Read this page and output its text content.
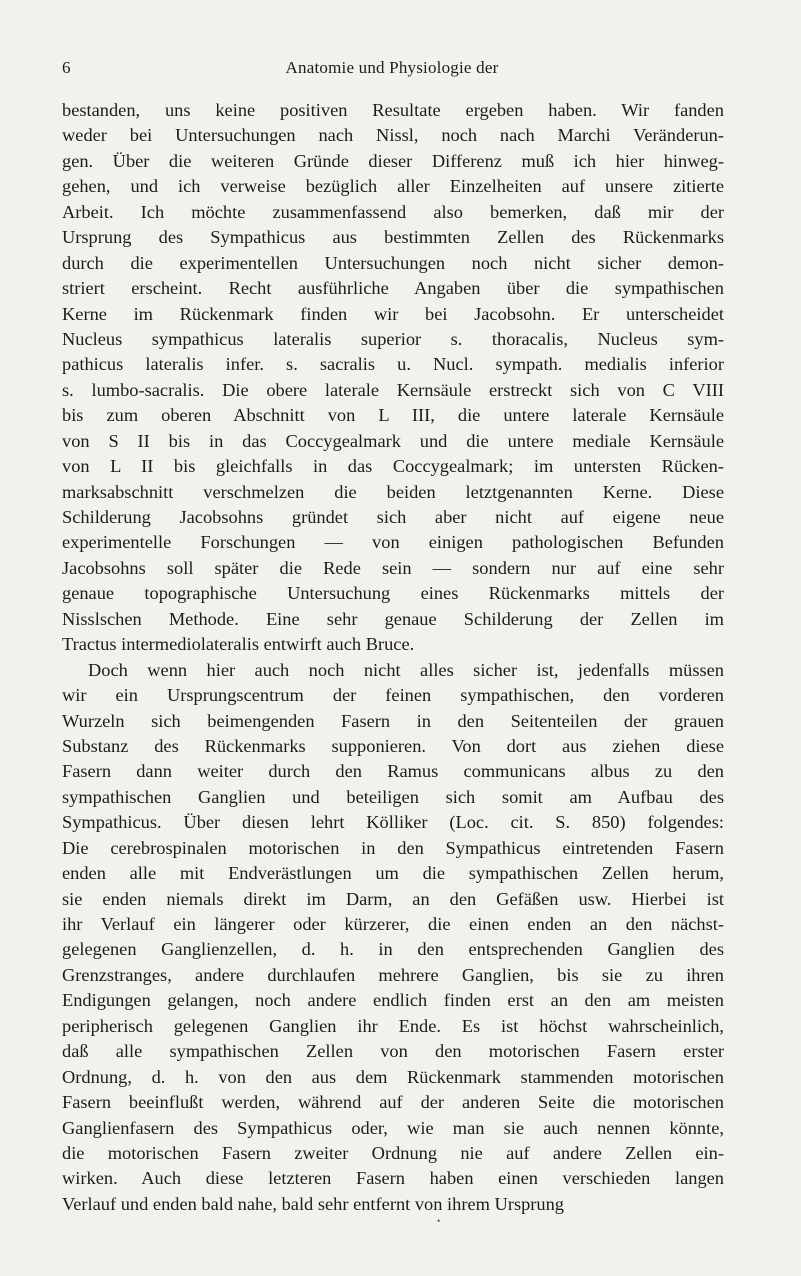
6	Anatomie und Physiologie der
bestanden, uns keine positiven Resultate ergeben haben. Wir fanden
weder bei Untersuchungen nach Nissl, noch nach Marchi Veränderun-
gen. Über die weiteren Gründe dieser Differenz muß ich hier hinweg-
gehen, und ich verweise bezüglich aller Einzelheiten auf unsere zitierte
Arbeit. Ich möchte zusammenfassend also bemerken, daß mir der
Ursprung des Sympathicus aus bestimmten Zellen des Rückenmarks
durch die experimentellen Untersuchungen noch nicht sicher demon-
striert erscheint. Recht ausführliche Angaben über die sympathischen
Kerne im Rückenmark finden wir bei Jacobsohn. Er unterscheidet
Nucleus sympathicus lateralis superior s. thoracalis, Nucleus sym-
pathicus lateralis infer. s. sacralis u. Nucl. sympath. medialis inferior
s. lumbo-sacralis. Die obere laterale Kernsäule erstreckt sich von C VIII
bis zum oberen Abschnitt von L III, die untere laterale Kernsäule
von S II bis in das Coccygealmark und die untere mediale Kernsäule
von L II bis gleichfalls in das Coccygealmark; im untersten Rücken-
marksabschnitt verschmelzen die beiden letztgenannten Kerne. Diese
Schilderung Jacobsohns gründet sich aber nicht auf eigene neue
experimentelle Forschungen — von einigen pathologischen Befunden
Jacobsohns soll später die Rede sein — sondern nur auf eine sehr
genaue topographische Untersuchung eines Rückenmarks mittels der
Nisslschen Methode. Eine sehr genaue Schilderung der Zellen im
Tractus intermediolateralis entwirft auch Bruce.
Doch wenn hier auch noch nicht alles sicher ist, jedenfalls müssen
wir ein Ursprungscentrum der feinen sympathischen, den vorderen
Wurzeln sich beimengenden Fasern in den Seitenteilen der grauen
Substanz des Rückenmarks supponieren. Von dort aus ziehen diese
Fasern dann weiter durch den Ramus communicans albus zu den
sympathischen Ganglien und beteiligen sich somit am Aufbau des
Sympathicus. Über diesen lehrt Kölliker (Loc. cit. S. 850) folgendes:
Die cerebrospinalen motorischen in den Sympathicus eintretenden Fasern
enden alle mit Endverästlungen um die sympathischen Zellen herum,
sie enden niemals direkt im Darm, an den Gefäßen usw. Hierbei ist
ihr Verlauf ein längerer oder kürzerer, die einen enden an den nächst-
gelegenen Ganglienzellen, d. h. in den entsprechenden Ganglien des
Grenzstranges, andere durchlaufen mehrere Ganglien, bis sie zu ihren
Endigungen gelangen, noch andere endlich finden erst an den am meisten
peripherisch gelegenen Ganglien ihr Ende. Es ist höchst wahrscheinlich,
daß alle sympathischen Zellen von den motorischen Fasern erster
Ordnung, d. h. von den aus dem Rückenmark stammenden motorischen
Fasern beeinflußt werden, während auf der anderen Seite die motorischen
Ganglienfasern des Sympathicus oder, wie man sie auch nennen könnte,
die motorischen Fasern zweiter Ordnung nie auf andere Zellen ein-
wirken. Auch diese letzteren Fasern haben einen verschieden langen
Verlauf und enden bald nahe, bald sehr entfernt von ihrem Ursprung
•
